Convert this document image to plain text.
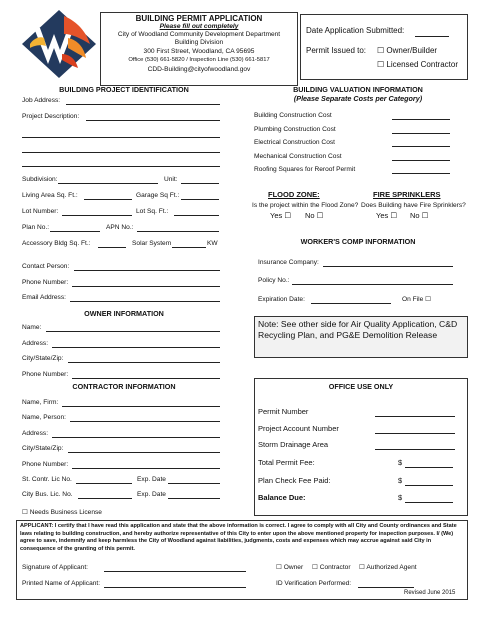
BUILDING PERMIT APPLICATION
Please fill out completely
City of Woodland Community Development Department
Building Division
300 First Street, Woodland, CA 95695
Office (530) 661-5820 / Inspection Line (530) 661-5817
CDD-Building@cityofwoodland.gov
Date Application Submitted:
Permit Issued to: ☐ Owner/Builder
☐ Licensed Contractor
BUILDING PROJECT IDENTIFICATION
Job Address:
Project Description:
Subdivision:	Unit:
Living Area Sq. Ft.:	Garage Sq Ft.:
Lot Number:	Lot Sq. Ft.:
Plan No.:	APN No.:
Accessory Bldg Sq. Ft.:	Solar System	KW
Contact Person:
Phone Number:
Email Address:
OWNER INFORMATION
Name:
Address:
City/State/Zip:
Phone Number:
CONTRACTOR INFORMATION
Name, Firm:
Name, Person:
Address:
City/State/Zip:
Phone Number:
St. Contr. Lic No.	Exp. Date
City Bus. Lic. No.	Exp. Date
☐ Needs Business License
BUILDING VALUATION INFORMATION
(Please Separate Costs per Category)
Building Construction Cost
Plumbing Construction Cost
Electrical Construction Cost
Mechanical Construction Cost
Roofing Squares for Reroof Permit
FLOOD ZONE:
Is the project within the Flood Zone?
Yes ☐ No ☐
FIRE SPRINKLERS
Does Building have Fire Sprinklers?
Yes ☐ No ☐
WORKER'S COMP INFORMATION
Insurance Company:
Policy No.:
Expiration Date:	On File ☐
Note: See other side for Air Quality Application, C&D Recycling Plan, and PG&E Demolition Release
OFFICE USE ONLY
Permit Number
Project Account Number
Storm Drainage Area
Total Permit Fee:	$
Plan Check Fee Paid:	$
Balance Due:	$
APPLICANT: I certify that I have read this application and state that the above information is correct. I agree to comply with all City and County ordinances and State laws relating to building construction, and hereby authorize representative of this City to enter upon the above mentioned property for inspection purposes. I/ (We) agree to save, indemnify and keep harmless the City of Woodland against liabilities, judgments, costs and expenses which may accrue against said City in consequence of the granting of this permit.
Signature of Applicant:	☐ Owner ☐ Contractor ☐ Authorized Agent
Printed Name of Applicant:	ID Verification Performed:
Revised June 2015
